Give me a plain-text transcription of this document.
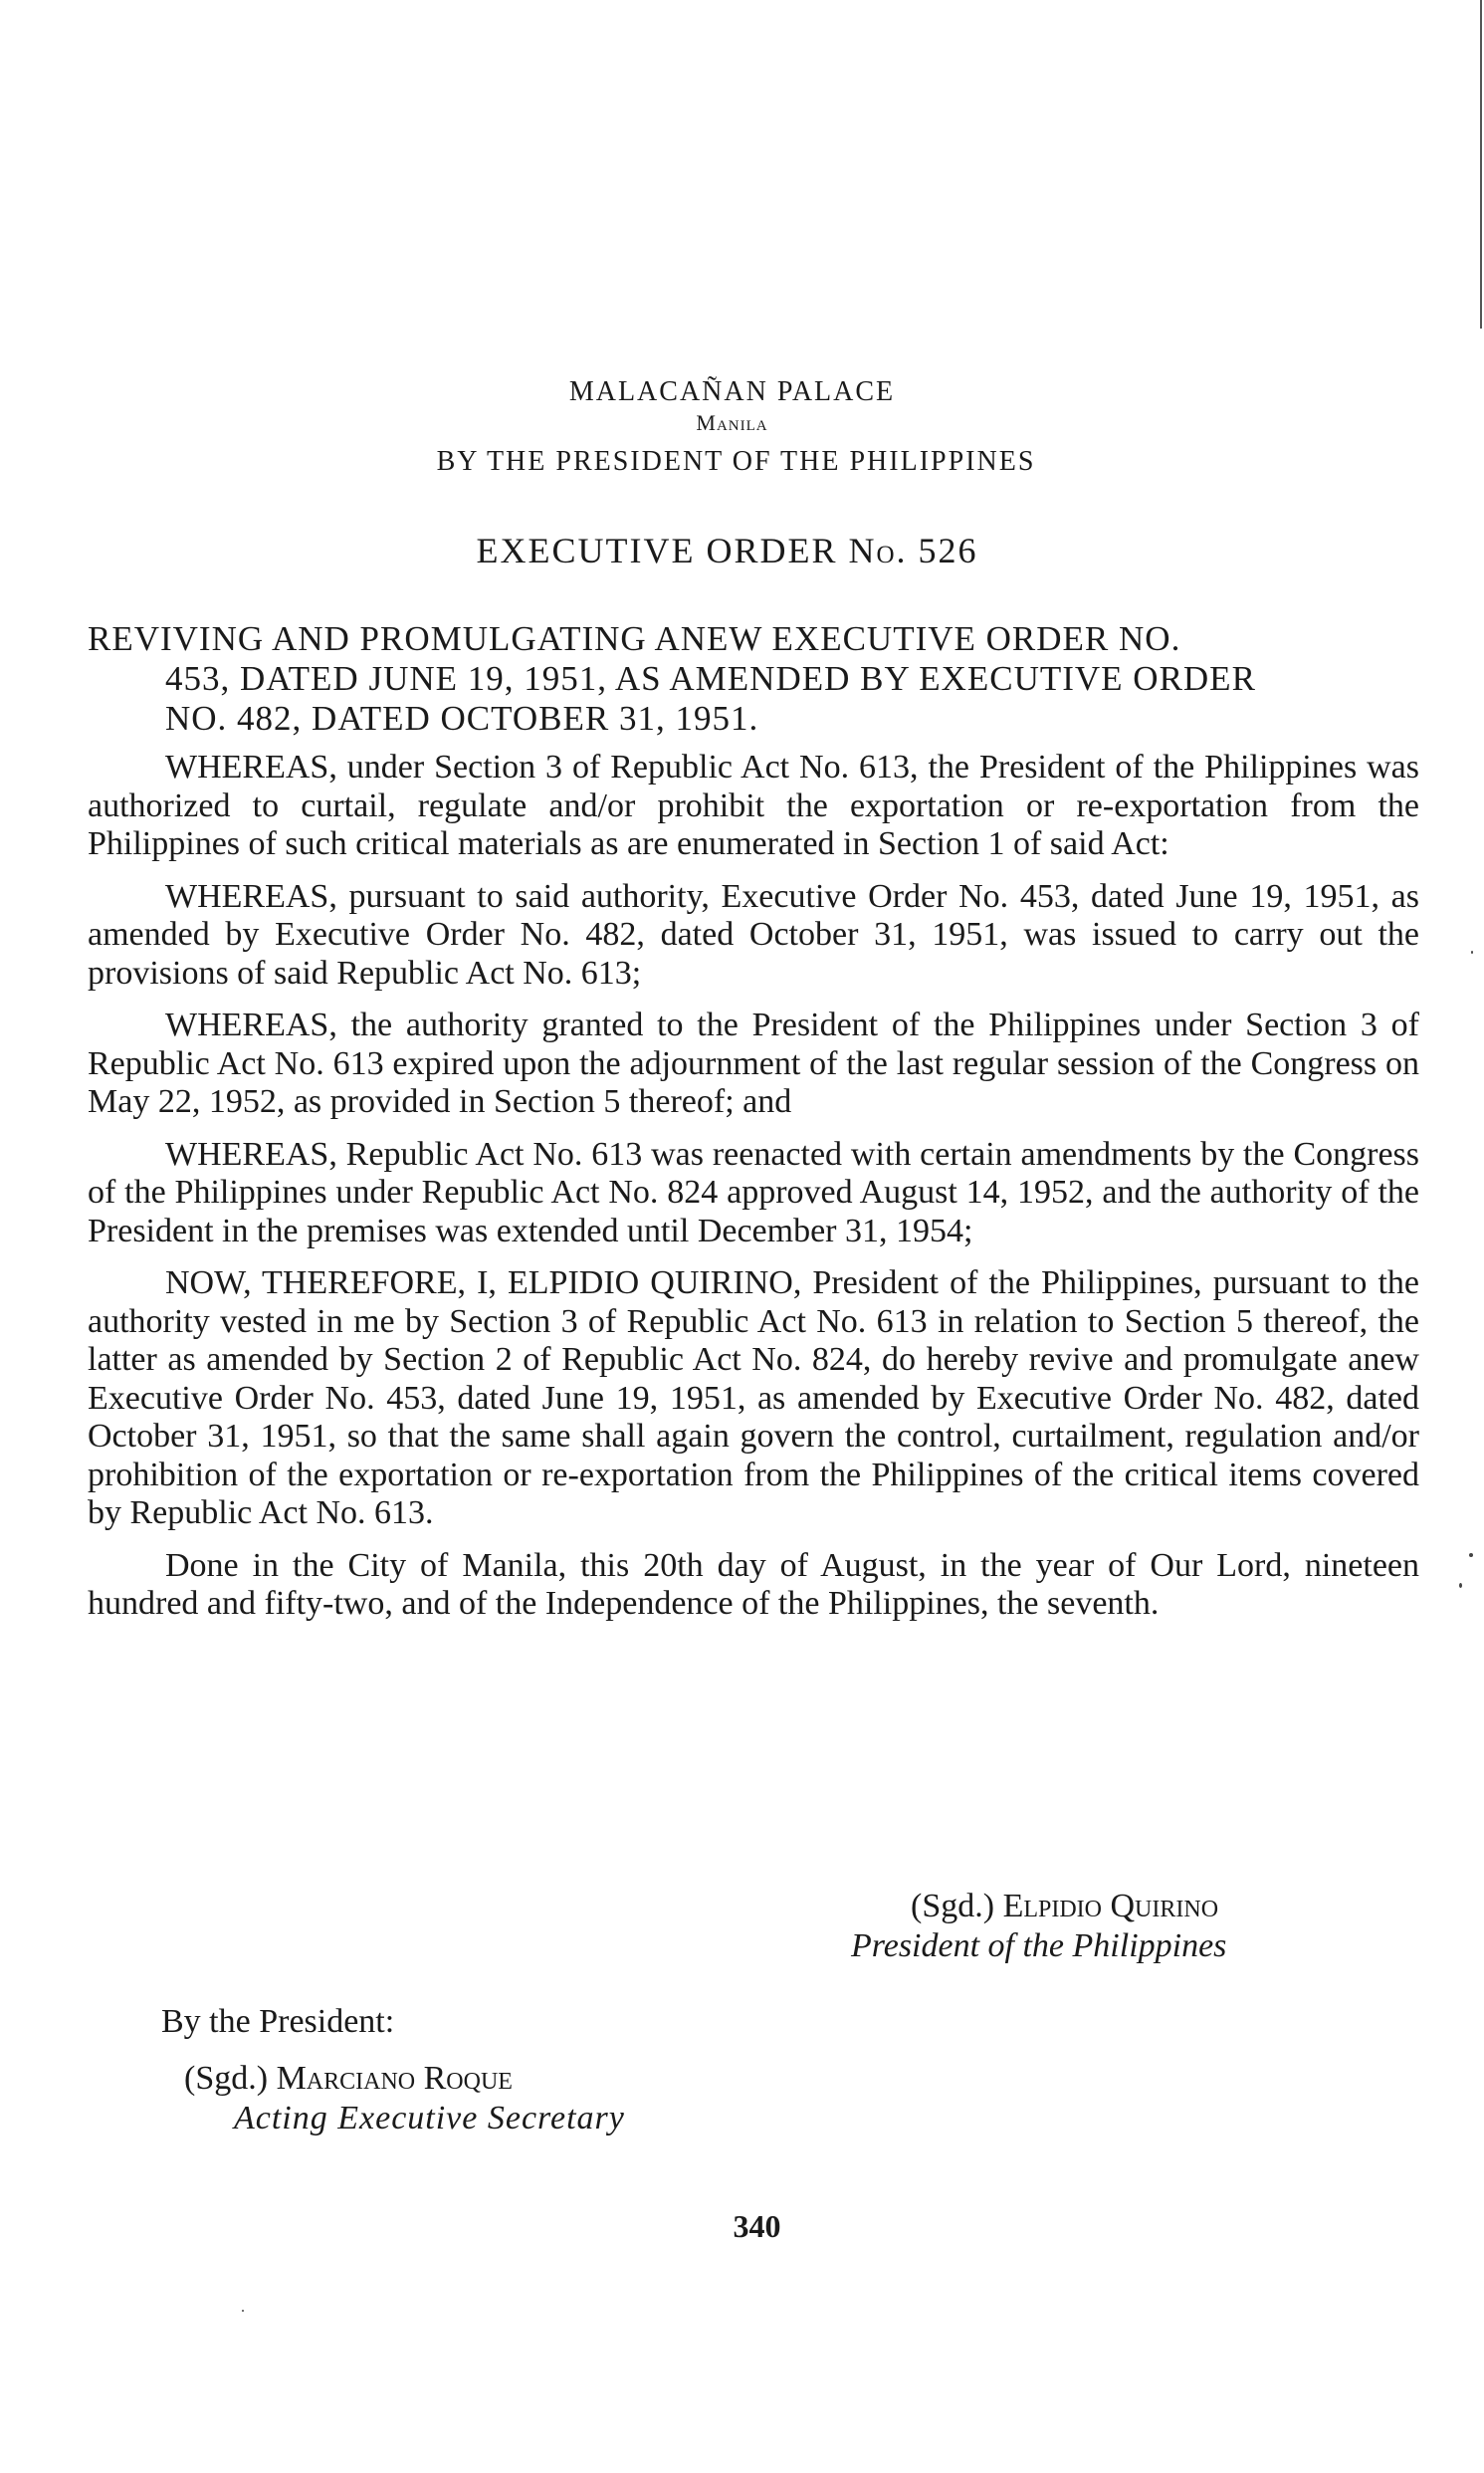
MALACAÑAN PALACE
Manila
BY THE PRESIDENT OF THE PHILIPPINES
EXECUTIVE ORDER No. 526
REVIVING AND PROMULGATING ANEW EXECUTIVE ORDER NO.
453, DATED JUNE 19, 1951, AS AMENDED BY EXECUTIVE ORDER
NO. 482, DATED OCTOBER 31, 1951.

WHEREAS, under Section 3 of Republic Act No. 613, the President of the Philippines was authorized to curtail, regulate and/or prohibit the exportation or re-exportation from the Philippines of such critical materials as are enumerated in Section 1 of said Act:

WHEREAS, pursuant to said authority, Executive Order No. 453, dated June 19, 1951, as amended by Executive Order No. 482, dated October 31, 1951, was issued to carry out the provisions of said Republic Act No. 613;

WHEREAS, the authority granted to the President of the Philippines under Section 3 of Republic Act No. 613 expired upon the adjournment of the last regular session of the Congress on May 22, 1952, as provided in Section 5 thereof; and

WHEREAS, Republic Act No. 613 was reenacted with certain amendments by the Congress of the Philippines under Republic Act No. 824 approved August 14, 1952, and the authority of the President in the premises was extended until December 31, 1954;

NOW, THEREFORE, I, ELPIDIO QUIRINO, President of the Philippines, pursuant to the authority vested in me by Section 3 of Republic Act No. 613 in relation to Section 5 thereof, the latter as amended by Section 2 of Republic Act No. 824, do hereby revive and promulgate anew Executive Order No. 453, dated June 19, 1951, as amended by Executive Order No. 482, dated October 31, 1951, so that the same shall again govern the control, curtailment, regulation and/or prohibition of the exportation or re-exportation from the Philippines of the critical items covered by Republic Act No. 613.

Done in the City of Manila, this 20th day of August, in the year of Our Lord, nineteen hundred and fifty-two, and of the Independence of the Philippines, the seventh.

(Sgd.) Elpidio Quirino
President of the Philippines
By the President:
(Sgd.) Marciano Roque
Acting Executive Secretary
340
